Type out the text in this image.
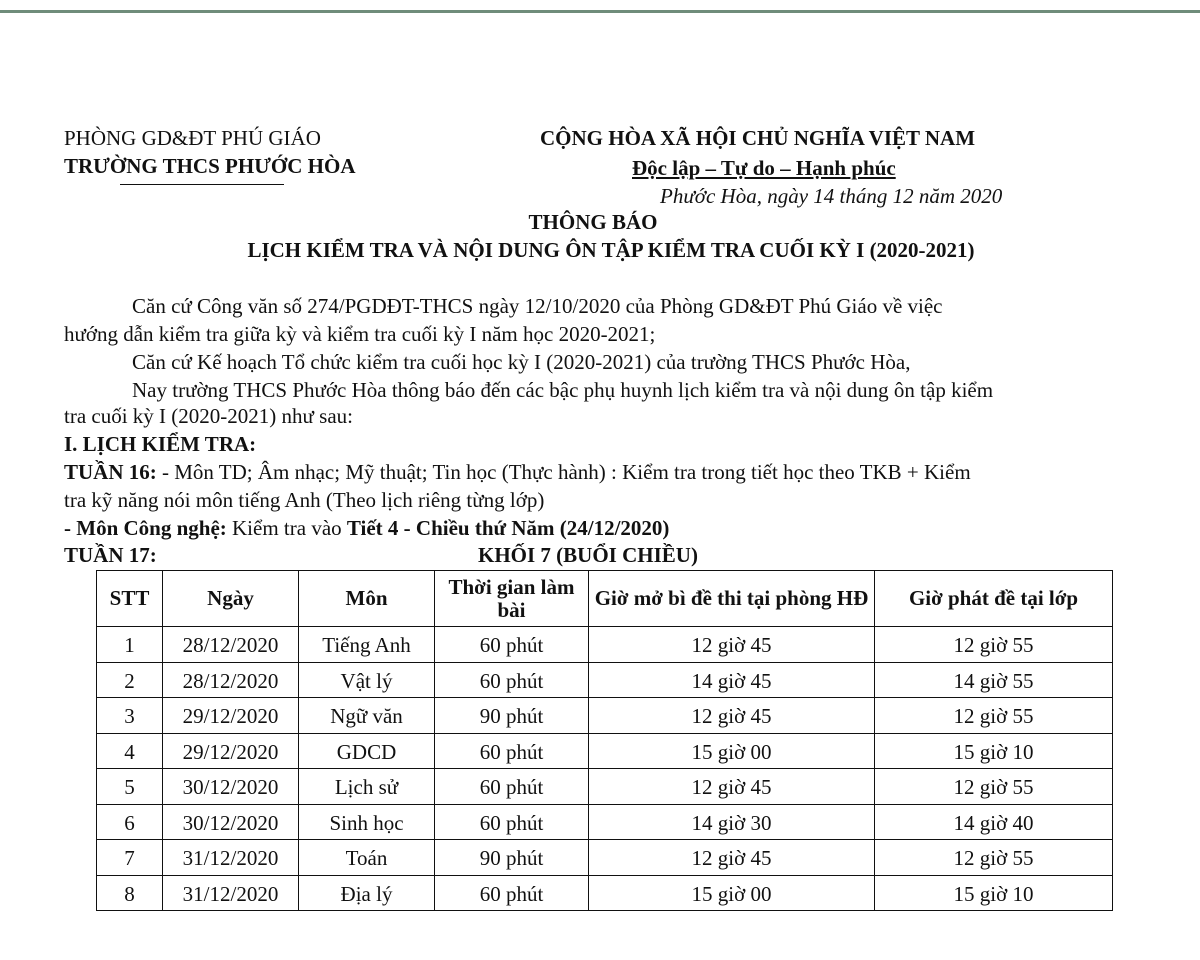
PHÒNG GD&ĐT PHÚ GIÁO
TRƯỜNG THCS PHƯỚC HÒA
CỘNG HÒA XÃ HỘI CHỦ NGHĨA VIỆT NAM
Độc lập – Tự do – Hạnh phúc
Phước Hòa, ngày 14 tháng 12 năm 2020
THÔNG BÁO
LỊCH KIỂM TRA VÀ NỘI DUNG ÔN TẬP KIỂM TRA CUỐI KỲ I (2020-2021)
Căn cứ Công văn số 274/PGDĐT-THCS ngày 12/10/2020 của Phòng GD&ĐT Phú Giáo về việc
hướng dẫn kiểm tra giữa kỳ và kiểm tra cuối kỳ I năm học 2020-2021;
Căn cứ Kế hoạch Tổ chức kiểm tra cuối học kỳ I (2020-2021) của trường THCS Phước Hòa,
Nay trường THCS Phước Hòa thông báo đến các bậc phụ huynh lịch kiểm tra và nội dung ôn tập kiểm
tra cuối kỳ I (2020-2021) như sau:
I. LỊCH KIỂM TRA:
TUẦN 16: - Môn TD; Âm nhạc; Mỹ thuật; Tin học (Thực hành) : Kiểm tra trong tiết học theo TKB + Kiểm
tra kỹ năng nói môn tiếng Anh (Theo lịch riêng từng lớp)
- Môn Công nghệ: Kiểm tra vào Tiết 4 - Chiều thứ Năm (24/12/2020)
TUẦN 17:	KHỐI 7 (BUỔI CHIỀU)
STT	Ngày	Môn	Thời gian làm bài	Giờ mở bì đề thi tại phòng HĐ	Giờ phát đề tại lớp
1	28/12/2020	Tiếng Anh	60 phút	12 giờ 45	12 giờ 55
2	28/12/2020	Vật lý	60 phút	14 giờ 45	14 giờ 55
3	29/12/2020	Ngữ văn	90 phút	12 giờ 45	12 giờ 55
4	29/12/2020	GDCD	60 phút	15 giờ 00	15 giờ 10
5	30/12/2020	Lịch sử	60 phút	12 giờ 45	12 giờ 55
6	30/12/2020	Sinh học	60 phút	14 giờ 30	14 giờ 40
7	31/12/2020	Toán	90 phút	12 giờ 45	12 giờ 55
8	31/12/2020	Địa lý	60 phút	15 giờ 00	15 giờ 10
